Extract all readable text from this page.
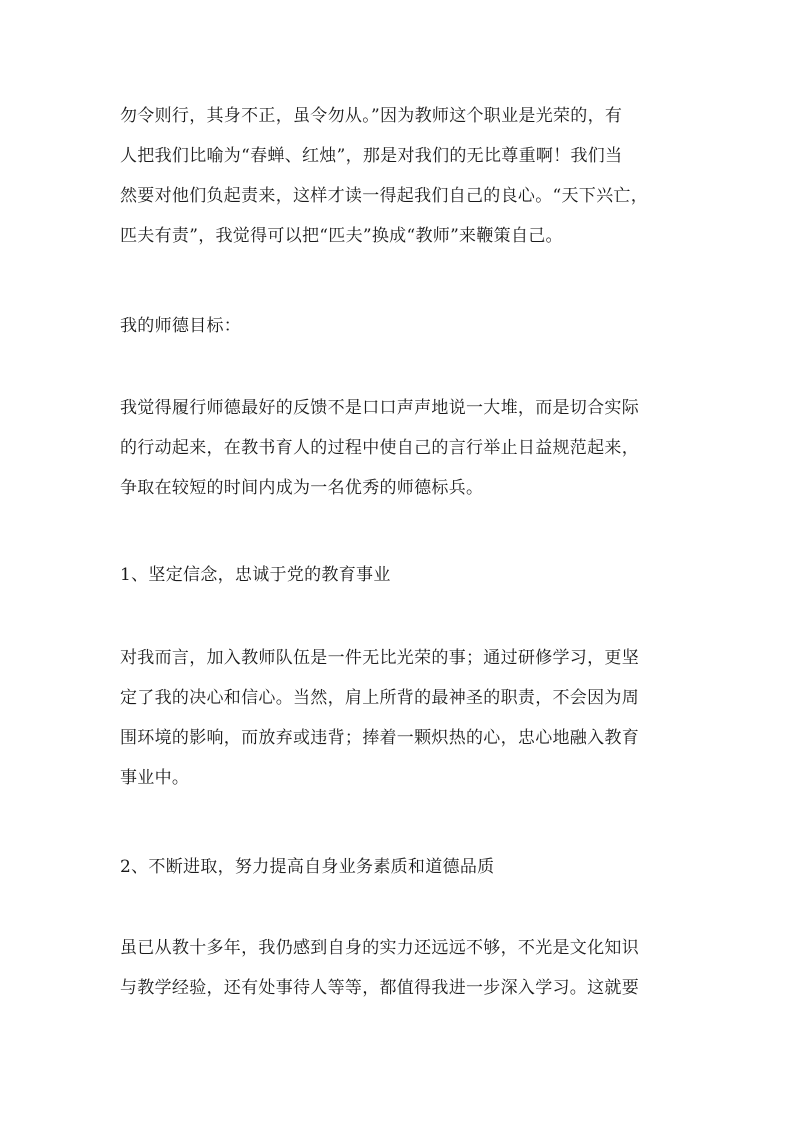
勿令则行，其身不正，虽令勿从。”因为教师这个职业是光荣的，有
人把我们比喻为“春蝉、红烛”，那是对我们的无比尊重啊！我们当
然要对他们负起责来，这样才读一得起我们自己的良心。“天下兴亡，
匹夫有责”，我觉得可以把“匹夫”换成“教师”来鞭策自己。
我的师德目标：
我觉得履行师德最好的反馈不是口口声声地说一大堆，而是切合实际
的行动起来，在教书育人的过程中使自己的言行举止日益规范起来，
争取在较短的时间内成为一名优秀的师德标兵。
1、坚定信念，忠诚于党的教育事业
对我而言，加入教师队伍是一件无比光荣的事；通过研修学习，更坚
定了我的决心和信心。当然，肩上所背的最神圣的职责，不会因为周
围环境的影响，而放弃或违背；捧着一颗炽热的心，忠心地融入教育
事业中。
2、不断进取，努力提高自身业务素质和道德品质
虽已从教十多年，我仍感到自身的实力还远远不够，不光是文化知识
与教学经验，还有处事待人等等，都值得我进一步深入学习。这就要
